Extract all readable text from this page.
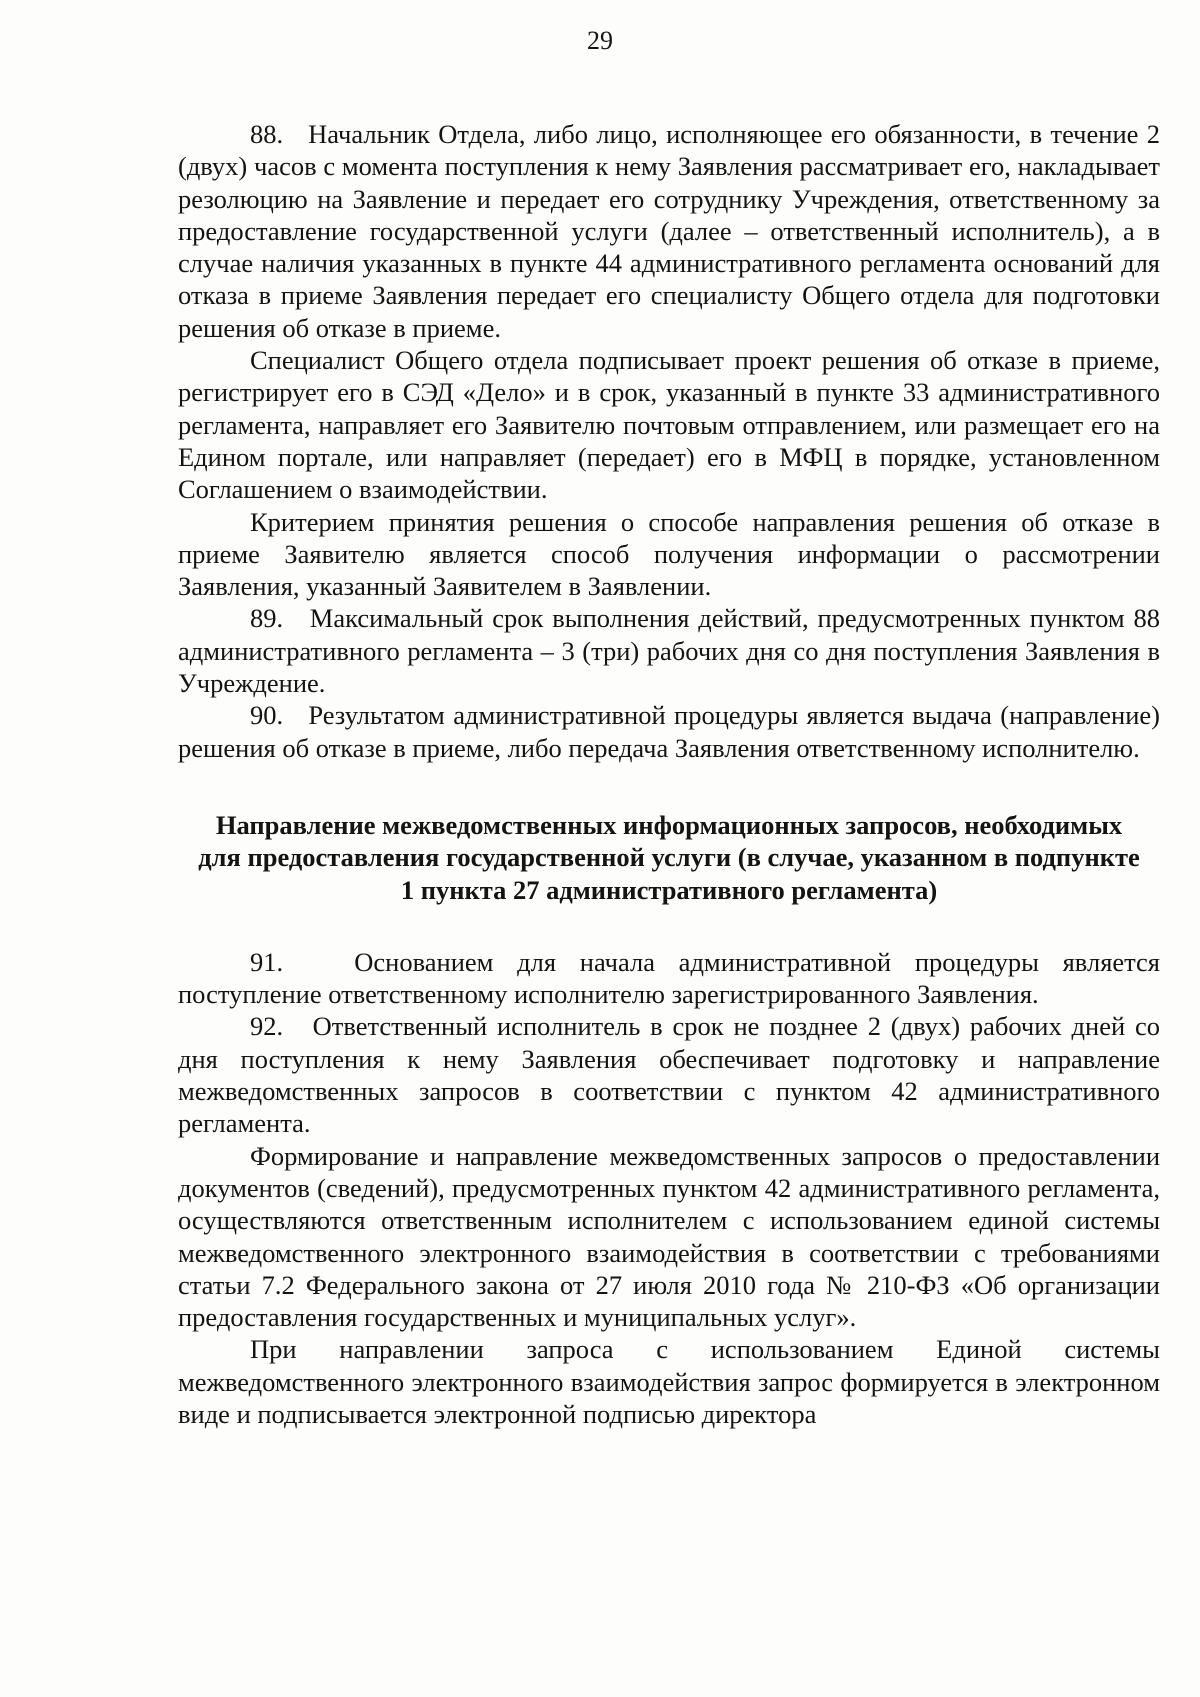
29

88.   Начальник Отдела, либо лицо, исполняющее его обязанности, в течение 2 (двух) часов с момента поступления к нему Заявления рассматривает его, накладывает резолюцию на Заявление и передает его сотруднику Учреждения, ответственному за предоставление государственной услуги (далее – ответственный исполнитель), а в случае наличия указанных в пункте 44 административного регламента оснований для отказа в приеме Заявления передает его специалисту Общего отдела для подготовки решения об отказе в приеме.

Специалист Общего отдела подписывает проект решения об отказе в приеме, регистрирует его в СЭД «Дело» и в срок, указанный в пункте 33 административного регламента, направляет его Заявителю почтовым отправлением, или размещает его на Едином портале, или направляет (передает) его в МФЦ в порядке, установленном Соглашением о взаимодействии.

Критерием принятия решения о способе направления решения об отказе в приеме Заявителю является способ получения информации о рассмотрении Заявления, указанный Заявителем в Заявлении.

89.   Максимальный срок выполнения действий, предусмотренных пунктом 88 административного регламента – 3 (три) рабочих дня со дня поступления Заявления в Учреждение.

90.   Результатом административной процедуры является выдача (направление) решения об отказе в приеме, либо передача Заявления ответственному исполнителю.

Направление межведомственных информационных запросов, необходимых для предоставления государственной услуги (в случае, указанном в подпункте 1 пункта 27 административного регламента)

91.   Основанием для начала административной процедуры является поступление ответственному исполнителю зарегистрированного Заявления.

92.   Ответственный исполнитель в срок не позднее 2 (двух) рабочих дней со дня поступления к нему Заявления обеспечивает подготовку и направление межведомственных запросов в соответствии с пунктом 42 административного регламента.

Формирование и направление межведомственных запросов о предоставлении документов (сведений), предусмотренных пунктом 42 административного регламента, осуществляются ответственным исполнителем с использованием единой системы межведомственного электронного взаимодействия в соответствии с требованиями статьи 7.2 Федерального закона от 27 июля 2010 года № 210-ФЗ «Об организации предоставления государственных и муниципальных услуг».

При направлении запроса с использованием Единой системы межведомственного электронного взаимодействия запрос формируется в электронном виде и подписывается электронной подписью директора
